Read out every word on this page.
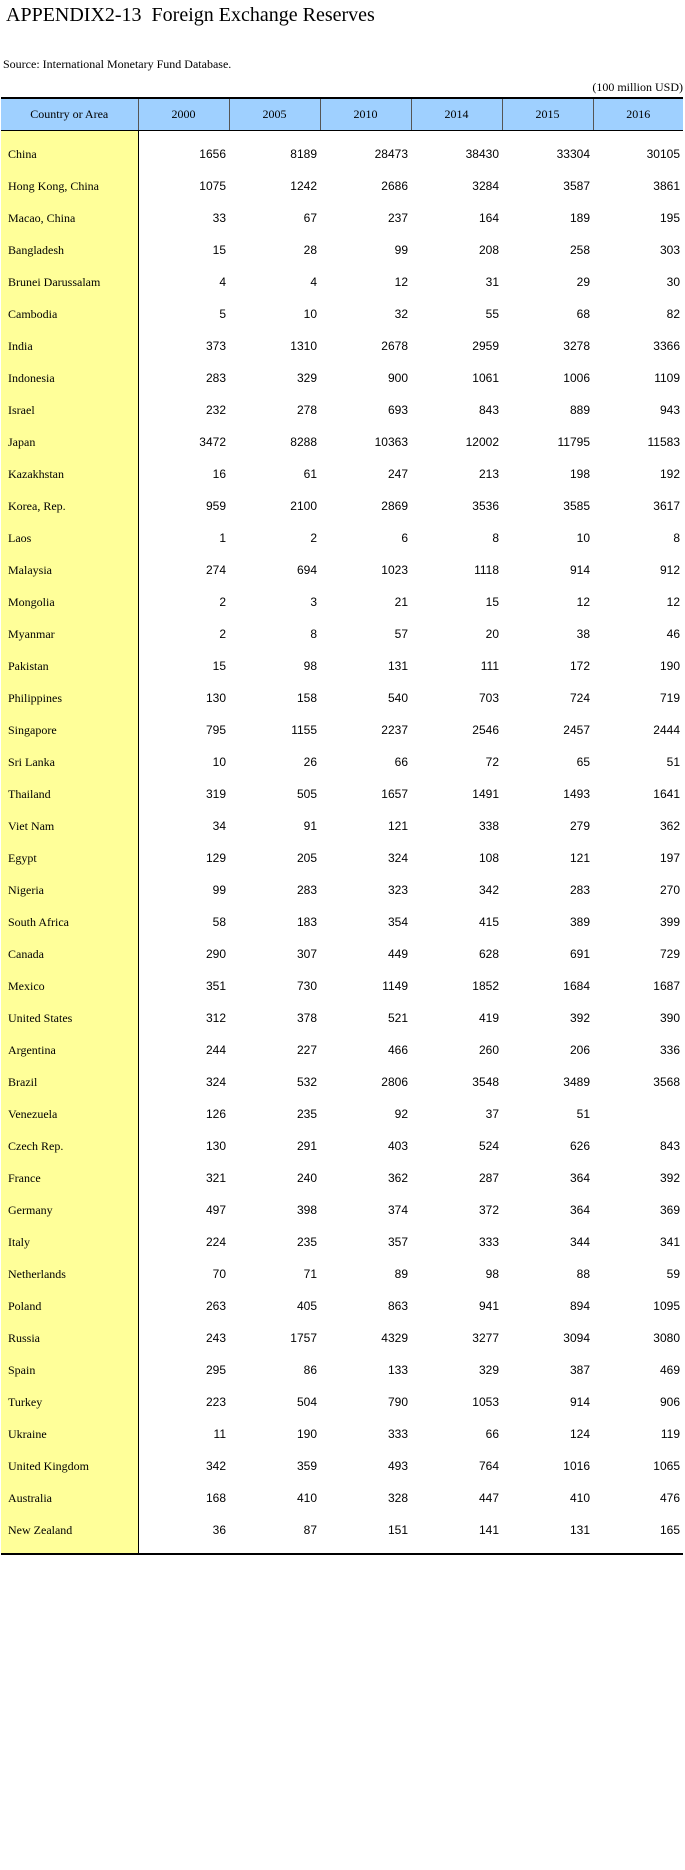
APPENDIX2-13  Foreign Exchange Reserves
Source: International Monetary Fund Database.
(100 million USD)
Country or Area	2000	2005	2010	2014	2015	2016

China	1656	8189	28473	38430	33304	30105
Hong Kong, China	1075	1242	2686	3284	3587	3861
Macao, China	33	67	237	164	189	195
Bangladesh	15	28	99	208	258	303
Brunei Darussalam	4	4	12	31	29	30
Cambodia	5	10	32	55	68	82
India	373	1310	2678	2959	3278	3366
Indonesia	283	329	900	1061	1006	1109
Israel	232	278	693	843	889	943
Japan	3472	8288	10363	12002	11795	11583
Kazakhstan	16	61	247	213	198	192
Korea, Rep.	959	2100	2869	3536	3585	3617
Laos	1	2	6	8	10	8
Malaysia	274	694	1023	1118	914	912
Mongolia	2	3	21	15	12	12
Myanmar	2	8	57	20	38	46
Pakistan	15	98	131	111	172	190
Philippines	130	158	540	703	724	719
Singapore	795	1155	2237	2546	2457	2444
Sri Lanka	10	26	66	72	65	51
Thailand	319	505	1657	1491	1493	1641
Viet Nam	34	91	121	338	279	362
Egypt	129	205	324	108	121	197
Nigeria	99	283	323	342	283	270
South Africa	58	183	354	415	389	399
Canada	290	307	449	628	691	729
Mexico	351	730	1149	1852	1684	1687
United States	312	378	521	419	392	390
Argentina	244	227	466	260	206	336
Brazil	324	532	2806	3548	3489	3568
Venezuela	126	235	92	37	51	
Czech Rep.	130	291	403	524	626	843
France	321	240	362	287	364	392
Germany	497	398	374	372	364	369
Italy	224	235	357	333	344	341
Netherlands	70	71	89	98	88	59
Poland	263	405	863	941	894	1095
Russia	243	1757	4329	3277	3094	3080
Spain	295	86	133	329	387	469
Turkey	223	504	790	1053	914	906
Ukraine	11	190	333	66	124	119
United Kingdom	342	359	493	764	1016	1065
Australia	168	410	328	447	410	476
New Zealand	36	87	151	141	131	165
